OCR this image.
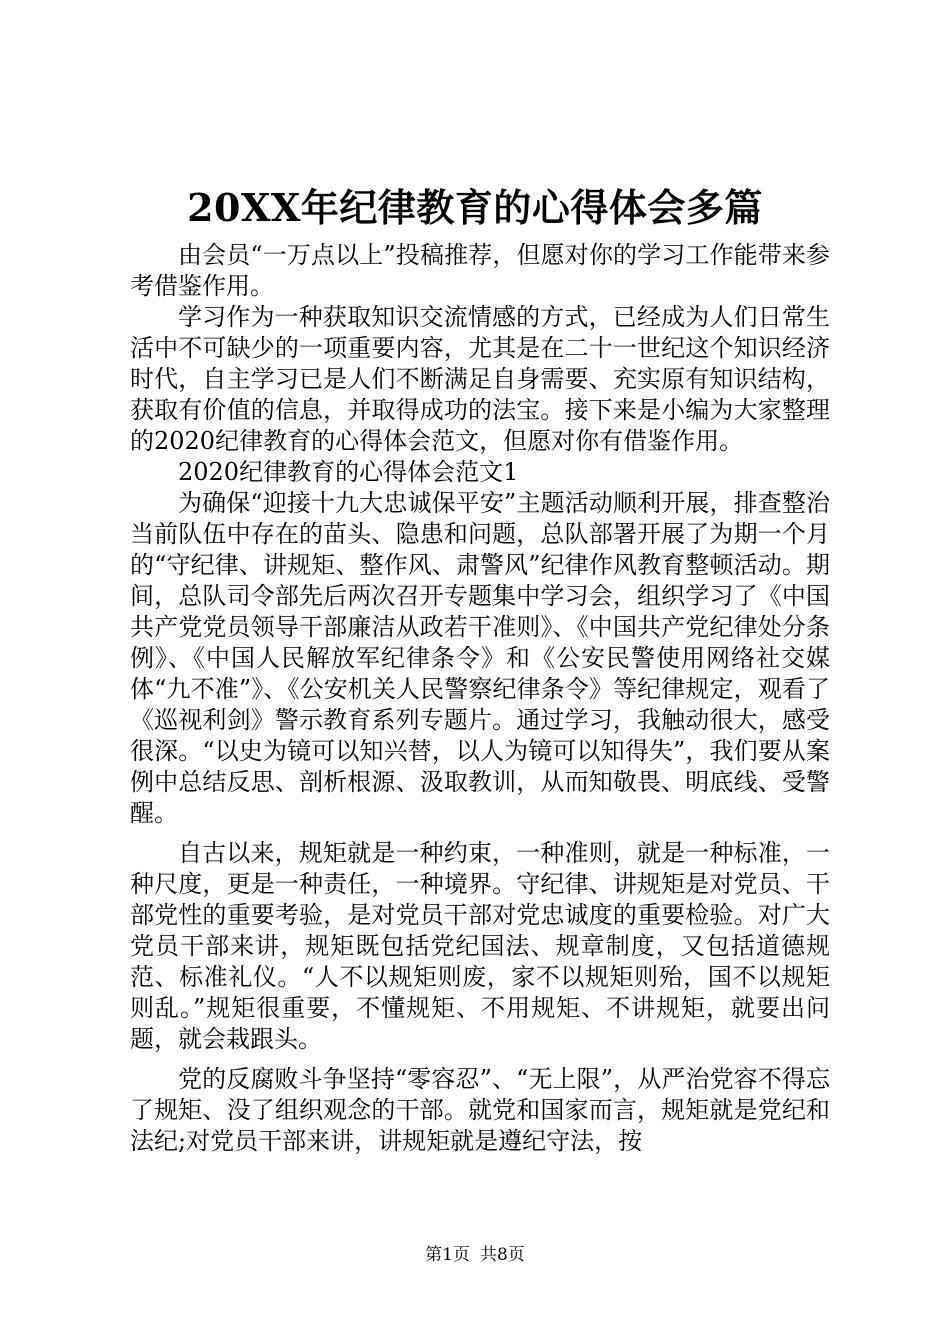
20XX年纪律教育的心得体会多篇

由会员“一万点以上”投稿推荐，但愿对你的学习工作能带来参考借鉴作用。

学习作为一种获取知识交流情感的方式，已经成为人们日常生活中不可缺少的一项重要内容，尤其是在二十一世纪这个知识经济时代，自主学习已是人们不断满足自身需要、充实原有知识结构，获取有价值的信息，并取得成功的法宝。接下来是小编为大家整理的2020纪律教育的心得体会范文，但愿对你有借鉴作用。

2020纪律教育的心得体会范文1

为确保“迎接十九大忠诚保平安”主题活动顺利开展，排查整治当前队伍中存在的苗头、隐患和问题，总队部署开展了为期一个月的“守纪律、讲规矩、整作风、肃警风”纪律作风教育整顿活动。期间，总队司令部先后两次召开专题集中学习会，组织学习了《中国共产党党员领导干部廉洁从政若干准则》、《中国共产党纪律处分条例》、《中国人民解放军纪律条令》和《公安民警使用网络社交媒体“九不准”》、《公安机关人民警察纪律条令》等纪律规定，观看了《巡视利剑》警示教育系列专题片。通过学习，我触动很大，感受很深。“以史为镜可以知兴替，以人为镜可以知得失”，我们要从案例中总结反思、剖析根源、汲取教训，从而知敬畏、明底线、受警醒。

自古以来，规矩就是一种约束，一种准则，就是一种标准，一种尺度，更是一种责任，一种境界。守纪律、讲规矩是对党员、干部党性的重要考验，是对党员干部对党忠诚度的重要检验。对广大党员干部来讲，规矩既包括党纪国法、规章制度，又包括道德规范、标准礼仪。“人不以规矩则废，家不以规矩则殆，国不以规矩则乱。”规矩很重要，不懂规矩、不用规矩、不讲规矩，就要出问题，就会栽跟头。

党的反腐败斗争坚持“零容忍”、“无上限”，从严治党容不得忘了规矩、没了组织观念的干部。就党和国家而言，规矩就是党纪和法纪;对党员干部来讲，讲规矩就是遵纪守法，按

第1页 共8页
